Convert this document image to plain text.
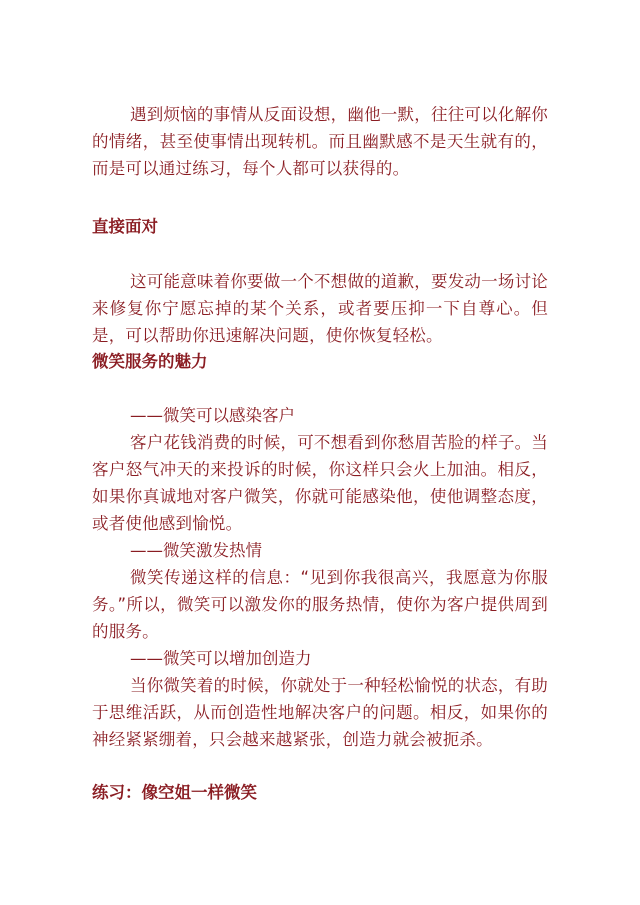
遇到烦恼的事情从反面设想，幽他一默，往往可以化解你的情绪，甚至使事情出现转机。而且幽默感不是天生就有的，而是可以通过练习，每个人都可以获得的。

直接面对

这可能意味着你要做一个不想做的道歉，要发动一场讨论来修复你宁愿忘掉的某个关系，或者要压抑一下自尊心。但是，可以帮助你迅速解决问题，使你恢复轻松。

微笑服务的魅力
——微笑可以感染客户

客户花钱消费的时候，可不想看到你愁眉苦脸的样子。当客户怒气冲天的来投诉的时候，你这样只会火上加油。相反，如果你真诚地对客户微笑，你就可能感染他，使他调整态度，或者使他感到愉悦。

——微笑激发热情

微笑传递这样的信息：“见到你我很高兴，我愿意为你服务。”所以，微笑可以激发你的服务热情，使你为客户提供周到的服务。

——微笑可以增加创造力

当你微笑着的时候，你就处于一种轻松愉悦的状态，有助于思维活跃，从而创造性地解决客户的问题。相反，如果你的神经紧紧绷着，只会越来越紧张，创造力就会被扼杀。

练习：像空姐一样微笑
